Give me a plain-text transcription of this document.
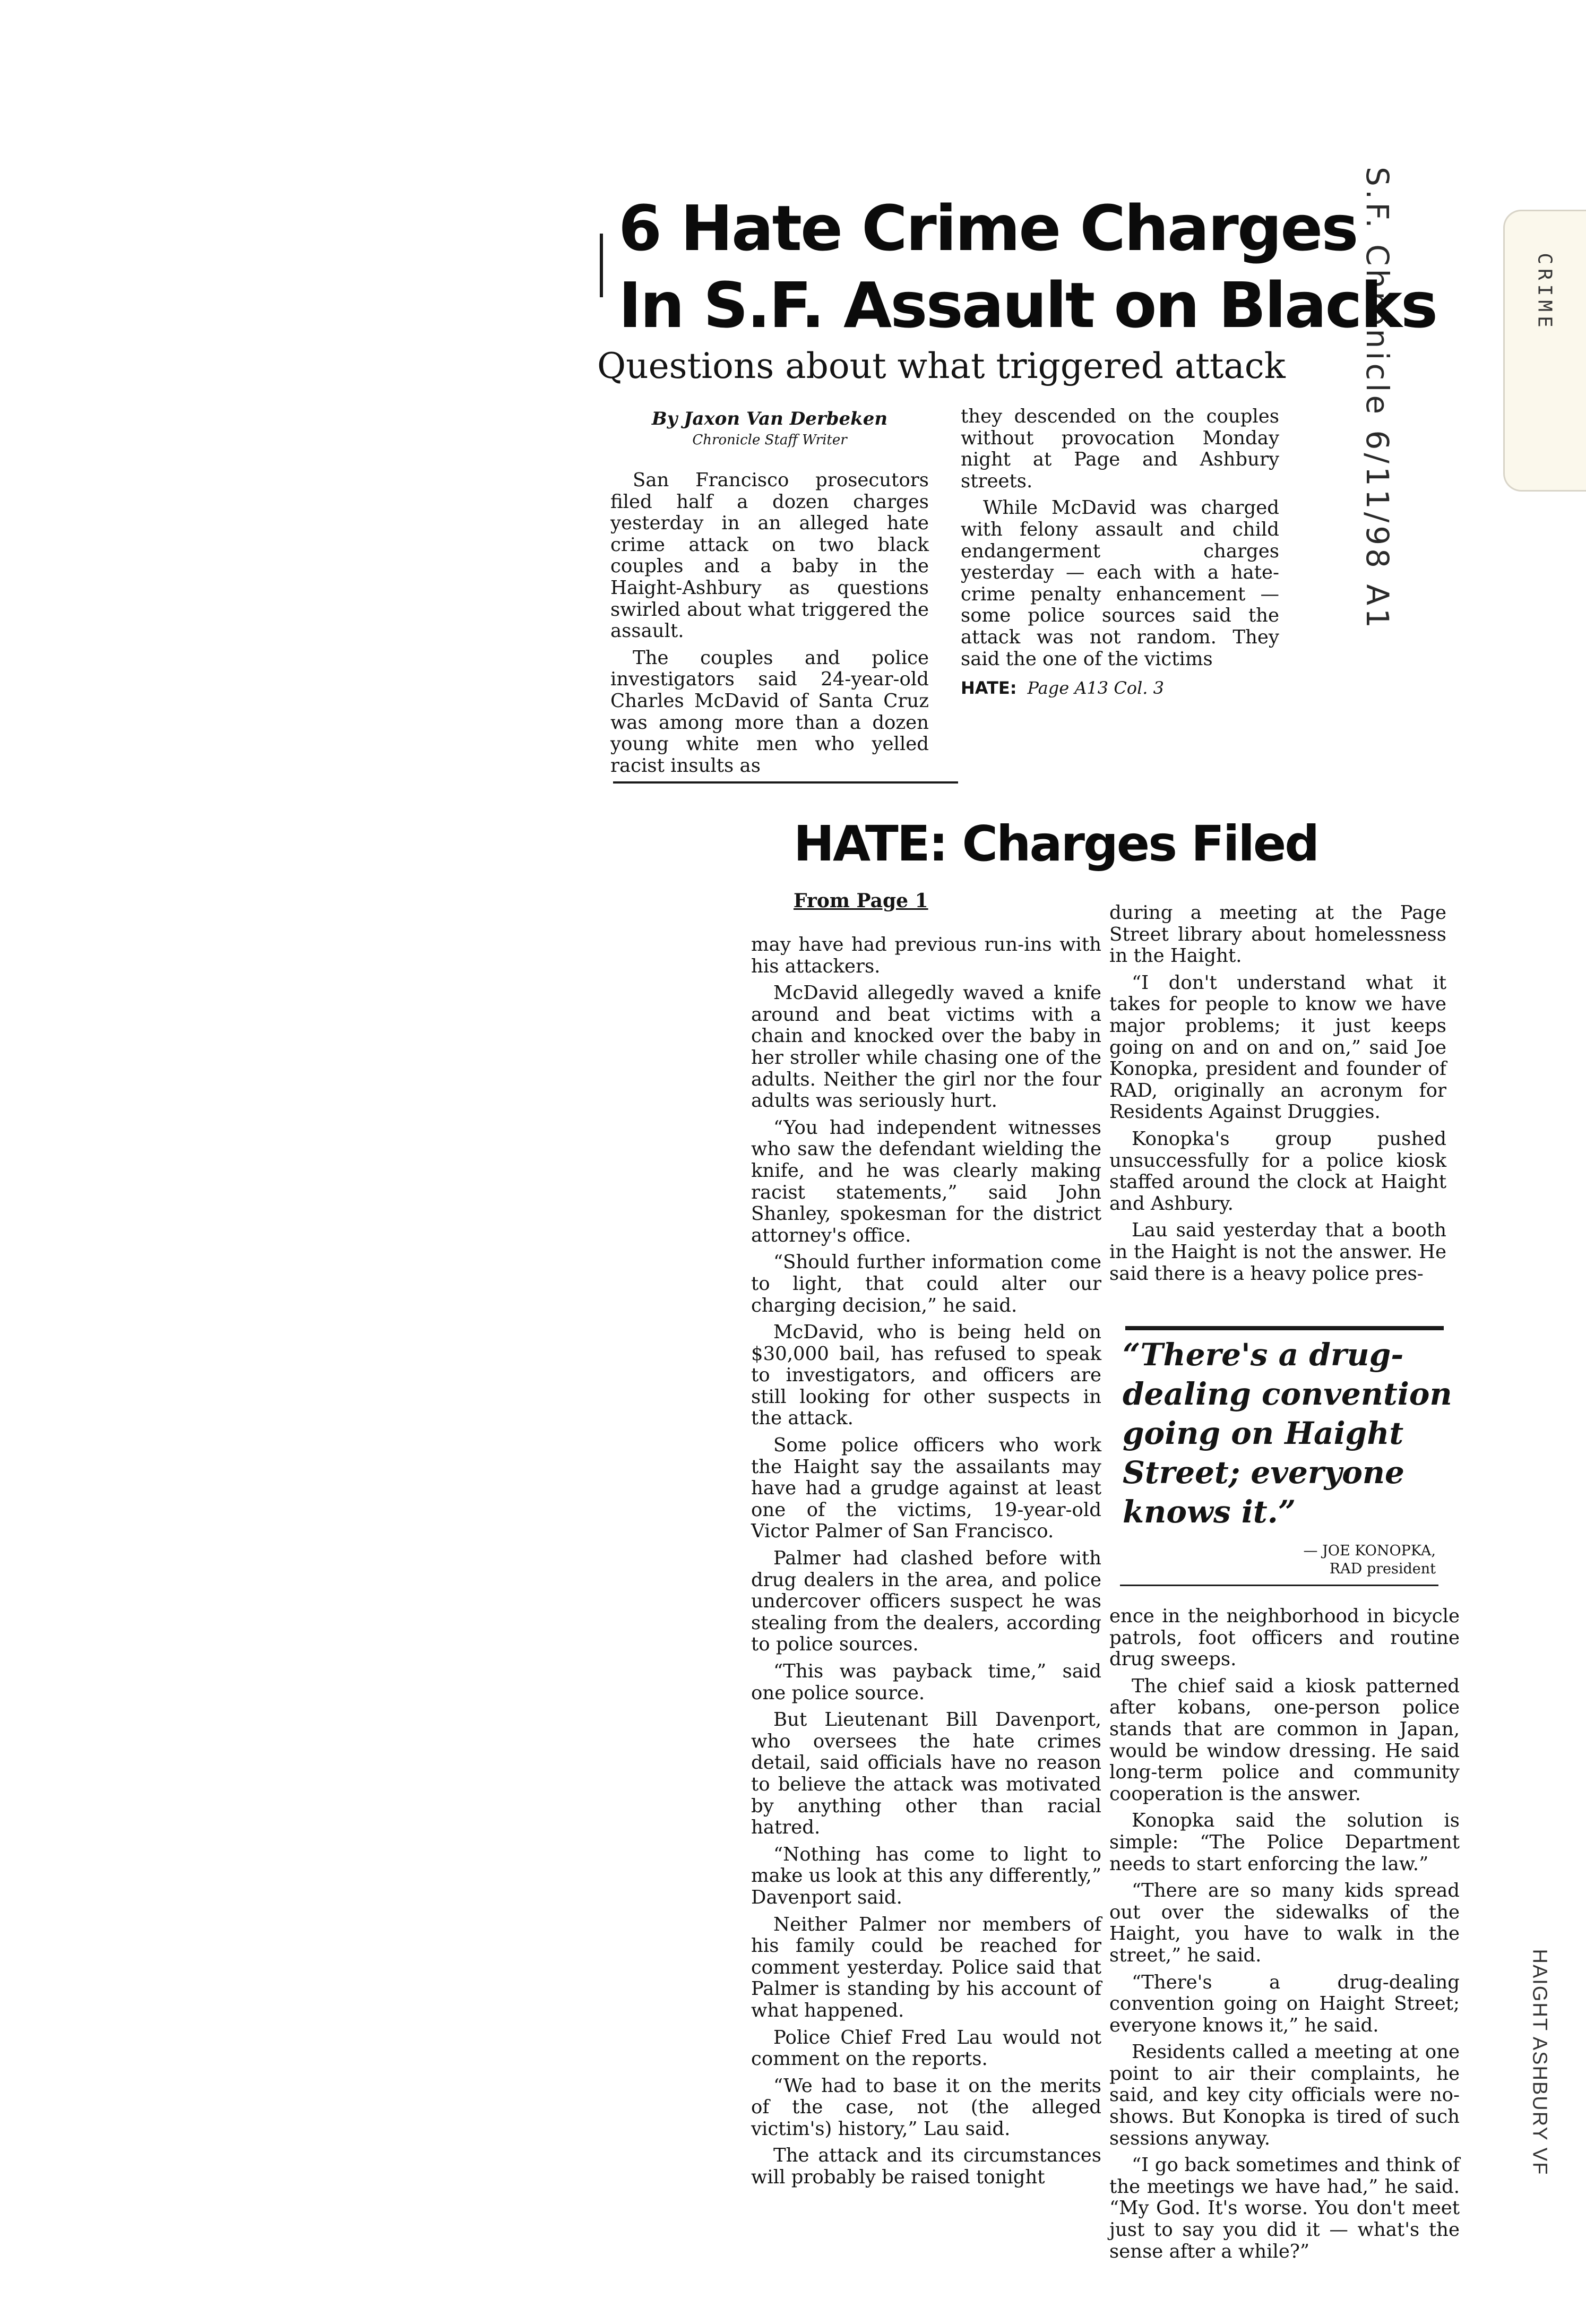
CRIME
S.F. Chronicle 6/11/98 A1
6 Hate Crime Charges
In S.F. Assault on Blacks
Questions about what triggered attack
By Jaxon Van Derbeken
Chronicle Staff Writer

San Francisco prosecutors filed half a dozen charges yesterday in an alleged hate crime attack on two black couples and a baby in the Haight-Ashbury as questions swirled about what triggered the assault.

The couples and police investigators said 24-year-old Charles McDavid of Santa Cruz was among more than a dozen young white men who yelled racist insults as

they descended on the couples without provocation Monday night at Page and Ashbury streets.

While McDavid was charged with felony assault and child endangerment charges yesterday — each with a hate-crime penalty enhancement — some police sources said the attack was not random. They said the one of the victims

HATE: Page A13 Col. 3

HATE: Charges Filed
From Page 1

may have had previous run-ins with his attackers.

McDavid allegedly waved a knife around and beat victims with a chain and knocked over the baby in her stroller while chasing one of the adults. Neither the girl nor the four adults was seriously hurt.

“You had independent witnesses who saw the defendant wielding the knife, and he was clearly making racist statements,” said John Shanley, spokesman for the district attorney's office.

“Should further information come to light, that could alter our charging decision,” he said.

McDavid, who is being held on $30,000 bail, has refused to speak to investigators, and officers are still looking for other suspects in the attack.

Some police officers who work the Haight say the assailants may have had a grudge against at least one of the victims, 19-year-old Victor Palmer of San Francisco.

Palmer had clashed before with drug dealers in the area, and police undercover officers suspect he was stealing from the dealers, according to police sources.

“This was payback time,” said one police source.

But Lieutenant Bill Davenport, who oversees the hate crimes detail, said officials have no reason to believe the attack was motivated by anything other than racial hatred.

“Nothing has come to light to make us look at this any differently,” Davenport said.

Neither Palmer nor members of his family could be reached for comment yesterday. Police said that Palmer is standing by his account of what happened.

Police Chief Fred Lau would not comment on the reports.

“We had to base it on the merits of the case, not (the alleged victim's) history,” Lau said.

The attack and its circumstances will probably be raised tonight

during a meeting at the Page Street library about homelessness in the Haight.

“I don't understand what it takes for people to know we have major problems; it just keeps going on and on and on,” said Joe Konopka, president and founder of RAD, originally an acronym for Residents Against Druggies.

Konopka's group pushed unsuccessfully for a police kiosk staffed around the clock at Haight and Ashbury.

Lau said yesterday that a booth in the Haight is not the answer. He said there is a heavy police pres-

“There's a drug-dealing convention going on Haight Street; everyone knows it.”
— JOE KONOPKA,
RAD president

ence in the neighborhood in bicycle patrols, foot officers and routine drug sweeps.

The chief said a kiosk patterned after kobans, one-person police stands that are common in Japan, would be window dressing. He said long-term police and community cooperation is the answer.

Konopka said the solution is simple: “The Police Department needs to start enforcing the law.”

“There are so many kids spread out over the sidewalks of the Haight, you have to walk in the street,” he said.

“There's a drug-dealing convention going on Haight Street; everyone knows it,” he said.

Residents called a meeting at one point to air their complaints, he said, and key city officials were no-shows. But Konopka is tired of such sessions anyway.

“I go back sometimes and think of the meetings we have had,” he said. “My God. It's worse. You don't meet just to say you did it — what's the sense after a while?”

HAIGHT ASHBURY VF
